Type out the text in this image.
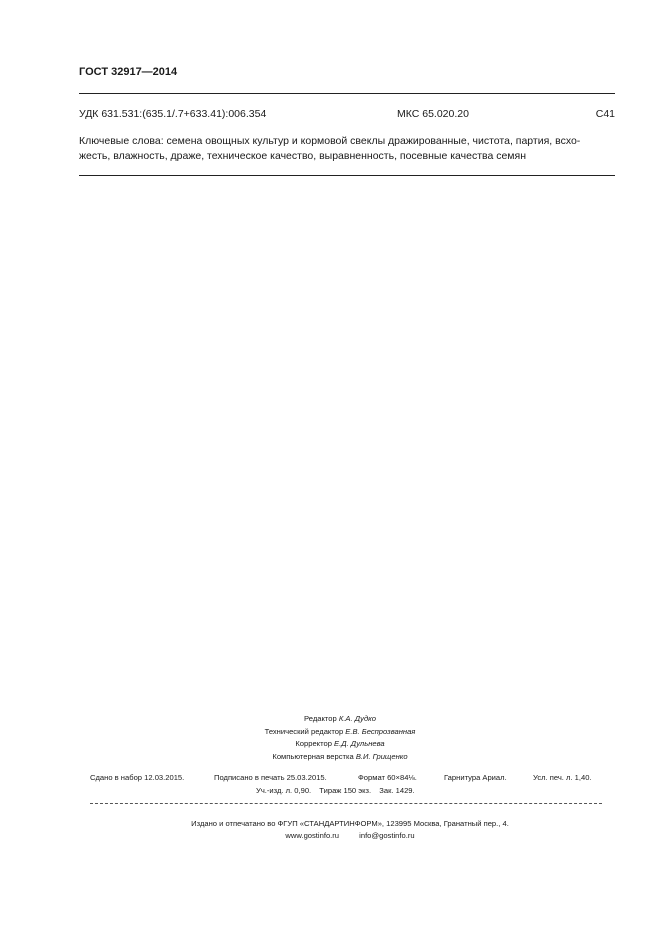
ГОСТ 32917—2014
УДК 631.531:(635.1/.7+633.41):006.354	МКС 65.020.20	С41
Ключевые слова: семена овощных культур и кормовой свеклы дражированные, чистота, партия, всхо-
жесть, влажность, драже, техническое качество, выравненность, посевные качества семян
Редактор К.А. Дудко
Технический редактор Е.В. Беспрозванная
Корректор Е.Д. Дульнева
Компьютерная верстка В.И. Грищенко
Сдано в набор 12.03.2015.	Подписано в печать 25.03.2015.	Формат 60×84⅛.	Гарнитура Ариал.	Усл. печ. л. 1,40.
Уч.-изд. л. 0,90. Тираж 150 экз. Зак. 1429.
Издано и отпечатано во ФГУП «СТАНДАРТИНФОРМ», 123995 Москва, Гранатный пер., 4.
www.gostinfo.ru	info@gostinfo.ru
